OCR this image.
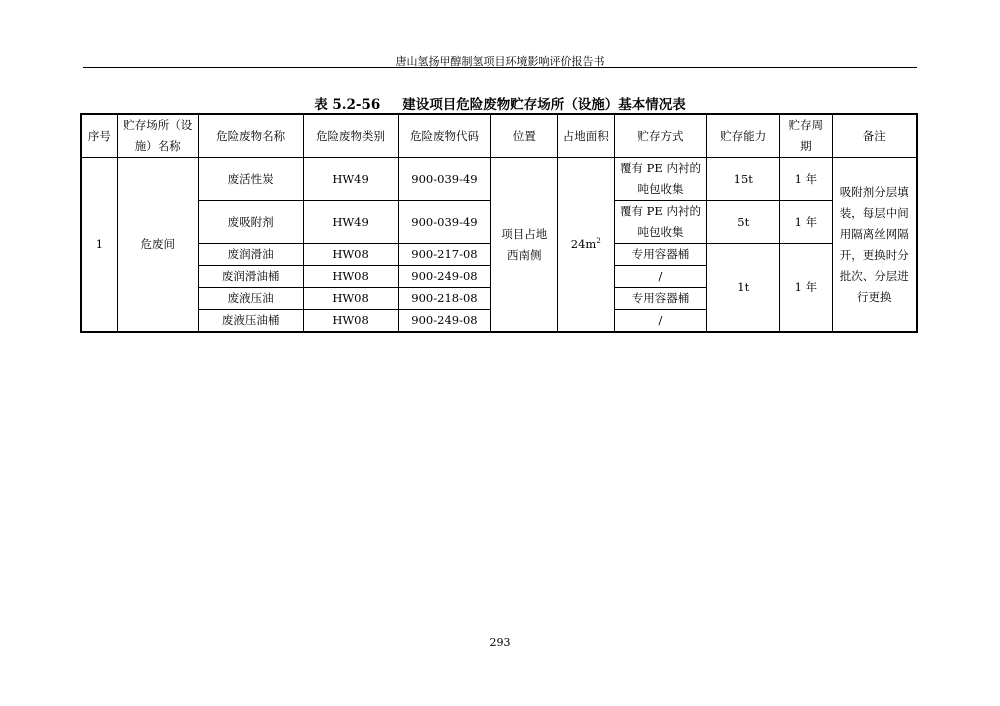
唐山氢扬甲醇制氢项目环境影响评价报告书
表 5.2-56 建设项目危险废物贮存场所（设施）基本情况表
序号	贮存场所（设施）名称	危险废物名称	危险废物类别	危险废物代码	位置	占地面积	贮存方式	贮存能力	贮存周期	备注
1	危废间	废活性炭	HW49	900-039-49	项目占地西南侧	$24m^2$	覆有 PE 内衬的吨包收集	15t	1 年	吸附剂分层填装，每层中间用隔离丝网隔开，更换时分批次、分层进行更换

		废吸附剂	HW49	900-039-49			覆有 PE 内衬的吨包收集	5t	1 年	
		废润滑油	HW08	900-217-08			专用容器桶	1t	1 年	
		废润滑油桶	HW08	900-249-08			/			
		废液压油	HW08	900-218-08			专用容器桶			
		废液压油桶	HW08	900-249-08			/			
293
